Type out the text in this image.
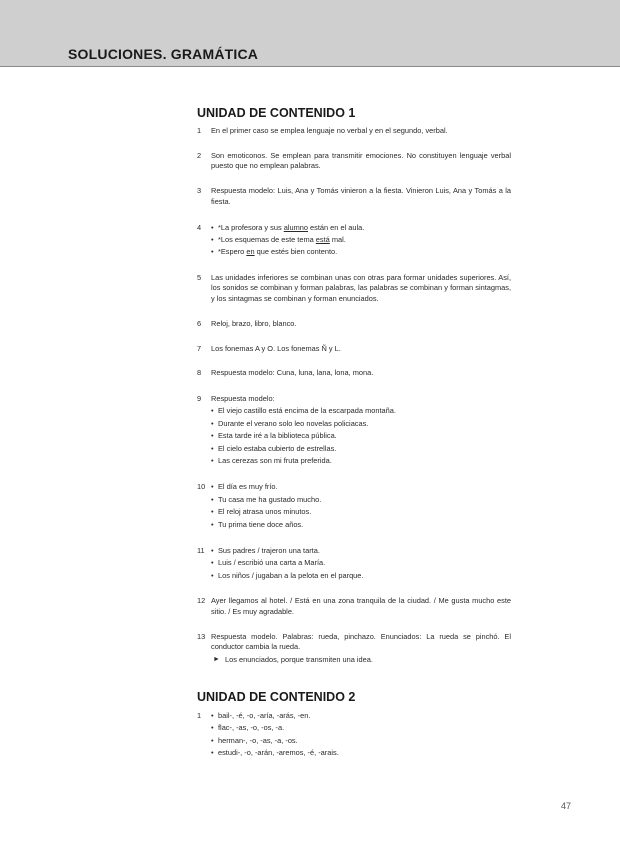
SOLUCIONES. GRAMÁTICA
UNIDAD DE CONTENIDO 1
1	En el primer caso se emplea lenguaje no verbal y en el segundo, verbal.
2	Son emoticonos. Se emplean para transmitir emociones. No constituyen lenguaje verbal puesto que no emplean palabras.
3	Respuesta modelo: Luis, Ana y Tomás vinieron a la fiesta. Vinieron Luis, Ana y Tomás a la fiesta.
4	• *La profesora y sus alumno están en el aula.
• *Los esquemas de este tema está mal.
• *Espero en que estés bien contento.
5	Las unidades inferiores se combinan unas con otras para formar unidades superiores. Así, los sonidos se combinan y forman palabras, las palabras se combinan y forman sintagmas, y los sintagmas se combinan y forman enunciados.
6	Reloj, brazo, libro, blanco.
7	Los fonemas A y O. Los fonemas Ñ y L.
8	Respuesta modelo: Cuna, luna, lana, lona, mona.
9	Respuesta modelo:
• El viejo castillo está encima de la escarpada montaña.
• Durante el verano solo leo novelas policiacas.
• Esta tarde iré a la biblioteca pública.
• El cielo estaba cubierto de estrellas.
• Las cerezas son mi fruta preferida.
10 • El día es muy frío.
• Tu casa me ha gustado mucho.
• El reloj atrasa unos minutos.
• Tu prima tiene doce años.
11 • Sus padres / trajeron una tarta.
• Luis / escribió una carta a María.
• Los niños / jugaban a la pelota en el parque.
12 Ayer llegamos al hotel. / Está en una zona tranquila de la ciudad. / Me gusta mucho este sitio. / Es muy agradable.
13 Respuesta modelo. Palabras: rueda, pinchazo. Enunciados: La rueda se pinchó. El conductor cambia la rueda.
► Los enunciados, porque transmiten una idea.
UNIDAD DE CONTENIDO 2
1	• bail-, -é, -o, -aría, -arás, -en.
• flac-, -as, -o, -os, -a.
• herman-, -o, -as, -a, -os.
• estudi-, -o, -arán, -aremos, -é, -arais.
47
